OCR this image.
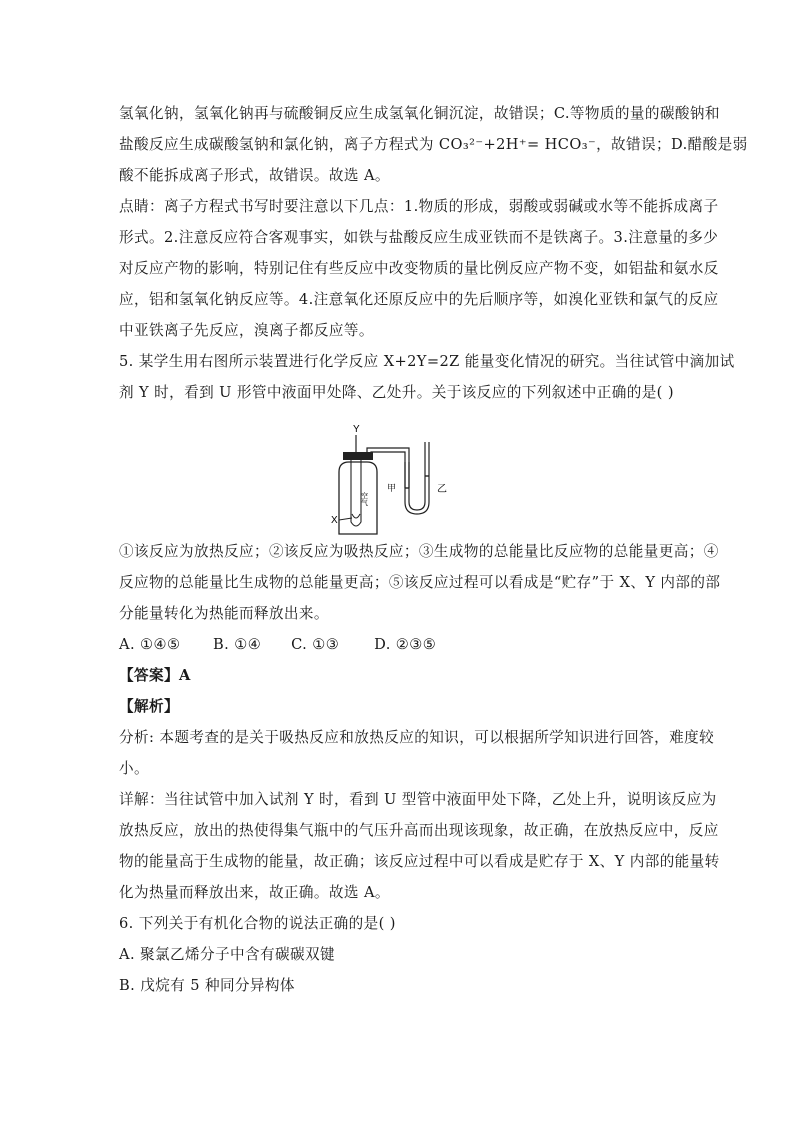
氢氧化钠，氢氧化钠再与硫酸铜反应生成氢氧化铜沉淀，故错误；C.等物质的量的碳酸钠和
盐酸反应生成碳酸氢钠和氯化钠，离子方程式为 CO₃²⁻+2H⁺= HCO₃⁻，故错误；D.醋酸是弱
酸不能拆成离子形式，故错误。故选 A。
点睛：离子方程式书写时要注意以下几点：1.物质的形成，弱酸或弱碱或水等不能拆成离子
形式。2.注意反应符合客观事实，如铁与盐酸反应生成亚铁而不是铁离子。3.注意量的多少
对反应产物的影响，特别记住有些反应中改变物质的量比例反应产物不变，如铝盐和氨水反
应，铝和氢氧化钠反应等。4.注意氧化还原反应中的先后顺序等，如溴化亚铁和氯气的反应
中亚铁离子先反应，溴离子都反应等。
5. 某学生用右图所示装置进行化学反应 X+2Y=2Z 能量变化情况的研究。当往试管中滴加试
剂 Y 时，看到 U 形管中液面甲处降、乙处升。关于该反应的下列叙述中正确的是( )
Y
X
空气
甲	乙
①该反应为放热反应；②该反应为吸热反应；③生成物的总能量比反应物的总能量更高；④
反应物的总能量比生成物的总能量更高；⑤该反应过程可以看成是“贮存”于 X、Y 内部的部
分能量转化为热能而释放出来。
A. ①④⑤ B. ①④ C. ①③ D. ②③⑤
【答案】A
【解析】
分析: 本题考查的是关于吸热反应和放热反应的知识，可以根据所学知识进行回答，难度较
小。
详解：当往试管中加入试剂 Y 时，看到 U 型管中液面甲处下降，乙处上升，说明该反应为
放热反应，放出的热使得集气瓶中的气压升高而出现该现象，故正确，在放热反应中，反应
物的能量高于生成物的能量，故正确；该反应过程中可以看成是贮存于 X、Y 内部的能量转
化为热量而释放出来，故正确。故选 A。
6. 下列关于有机化合物的说法正确的是( )
A. 聚氯乙烯分子中含有碳碳双键
B. 戊烷有 5 种同分异构体
